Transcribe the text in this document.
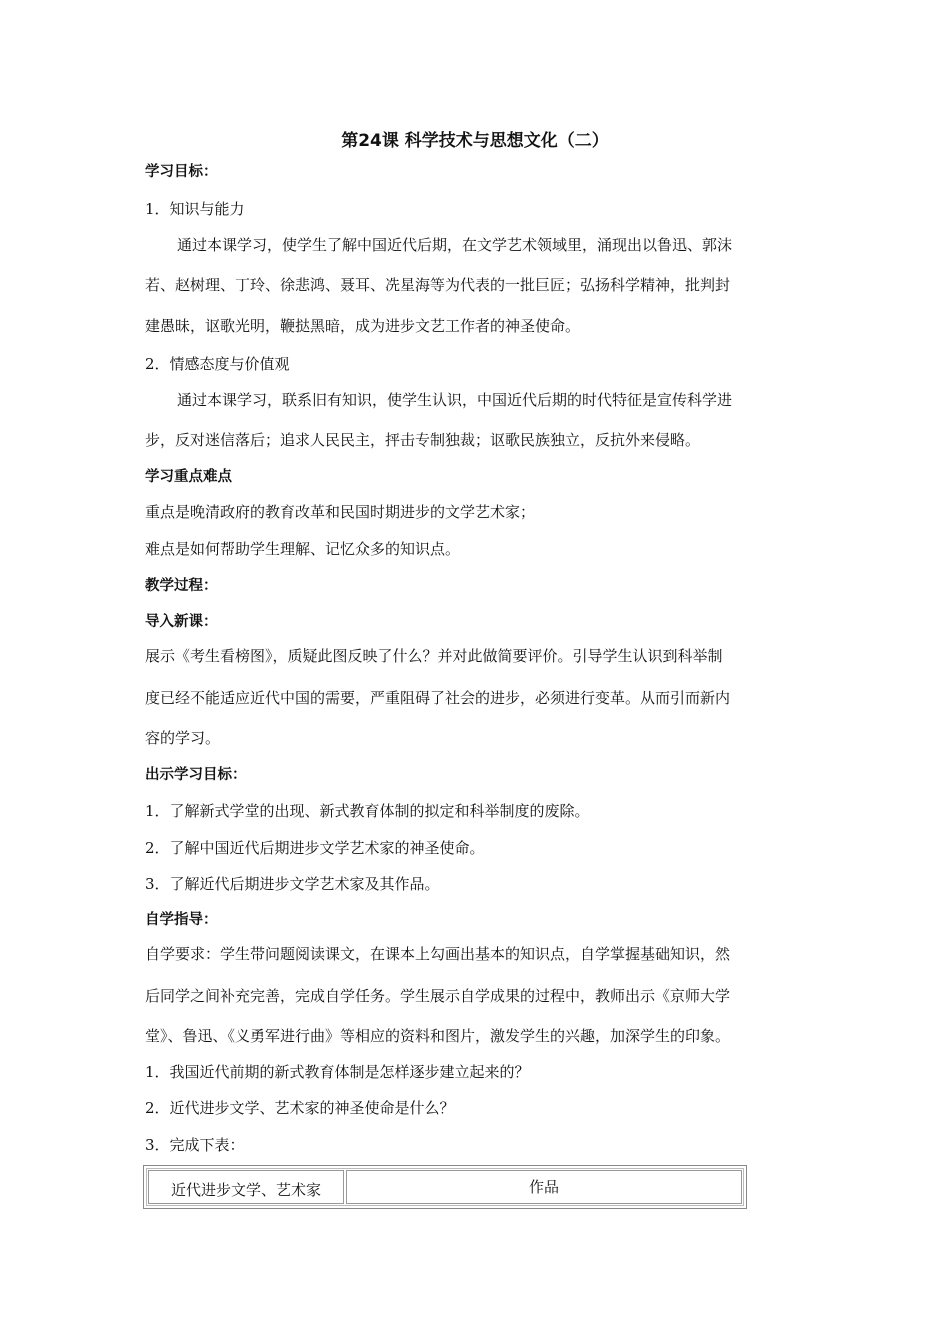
第24课 科学技术与思想文化（二）
学习目标：
1．知识与能力
通过本课学习，使学生了解中国近代后期，在文学艺术领域里，涌现出以鲁迅、郭沫
若、赵树理、丁玲、徐悲鸿、聂耳、冼星海等为代表的一批巨匠；弘扬科学精神，批判封
建愚昧，讴歌光明，鞭挞黑暗，成为进步文艺工作者的神圣使命。
2．情感态度与价值观
通过本课学习，联系旧有知识，使学生认识，中国近代后期的时代特征是宣传科学进
步，反对迷信落后；追求人民民主，抨击专制独裁；讴歌民族独立，反抗外来侵略。
学习重点难点
重点是晚清政府的教育改革和民国时期进步的文学艺术家；
难点是如何帮助学生理解、记忆众多的知识点。
教学过程：
导入新课：
展示《考生看榜图》，质疑此图反映了什么？并对此做简要评价。引导学生认识到科举制
度已经不能适应近代中国的需要，严重阻碍了社会的进步，必须进行变革。从而引而新内
容的学习。
出示学习目标：
1．了解新式学堂的出现、新式教育体制的拟定和科举制度的废除。
2．了解中国近代后期进步文学艺术家的神圣使命。
3．了解近代后期进步文学艺术家及其作品。
自学指导：
自学要求：学生带问题阅读课文，在课本上勾画出基本的知识点，自学掌握基础知识，然
后同学之间补充完善，完成自学任务。学生展示自学成果的过程中，教师出示《京师大学
堂》、鲁迅、《义勇军进行曲》等相应的资料和图片，激发学生的兴趣，加深学生的印象。
1．我国近代前期的新式教育体制是怎样逐步建立起来的？
2．近代进步文学、艺术家的神圣使命是什么？
3．完成下表：
近代进步文学、艺术家	作品
